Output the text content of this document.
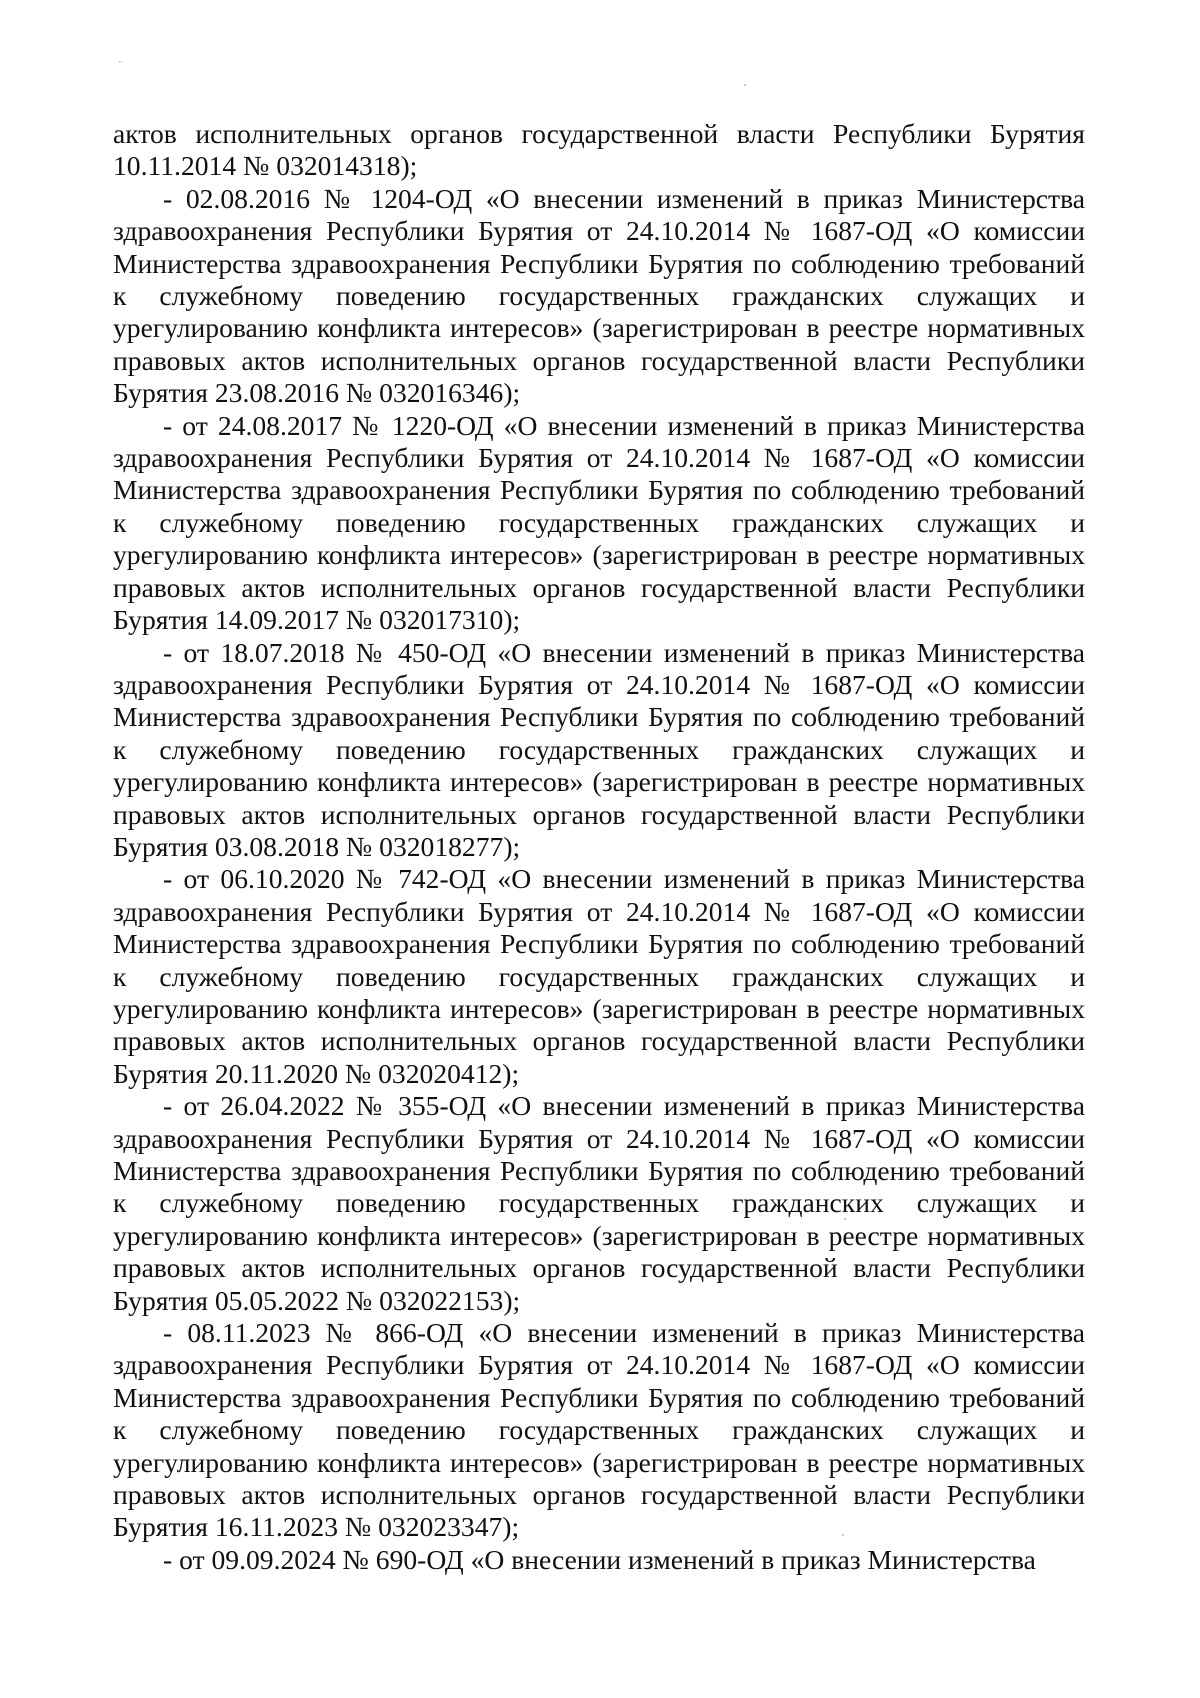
¨

актов исполнительных органов государственной власти Республики Бурятия 10.11.2014 № 032014318);

- 02.08.2016 № 1204-ОД «О внесении изменений в приказ Министерства здравоохранения Республики Бурятия от 24.10.2014 № 1687-ОД «О комиссии Министерства здравоохранения Республики Бурятия по соблюдению требований к служебному поведению государственных гражданских служащих и урегулированию конфликта интересов» (зарегистрирован в реестре нормативных правовых актов исполнительных органов государственной власти Республики Бурятия 23.08.2016 № 032016346);

- от 24.08.2017 № 1220-ОД «О внесении изменений в приказ Министерства здравоохранения Республики Бурятия от 24.10.2014 № 1687-ОД «О комиссии Министерства здравоохранения Республики Бурятия по соблюдению требований к служебному поведению государственных гражданских служащих и урегулированию конфликта интересов» (зарегистрирован в реестре нормативных правовых актов исполнительных органов государственной власти Республики Бурятия 14.09.2017 № 032017310);

- от 18.07.2018 № 450-ОД «О внесении изменений в приказ Министерства здравоохранения Республики Бурятия от 24.10.2014 № 1687-ОД «О комиссии Министерства здравоохранения Республики Бурятия по соблюдению требований к служебному поведению государственных гражданских служащих и урегулированию конфликта интересов» (зарегистрирован в реестре нормативных правовых актов исполнительных органов государственной власти Республики Бурятия 03.08.2018 № 032018277);

- от 06.10.2020 № 742-ОД «О внесении изменений в приказ Министерства здравоохранения Республики Бурятия от 24.10.2014 № 1687-ОД «О комиссии Министерства здравоохранения Республики Бурятия по соблюдению требований к служебному поведению государственных гражданских служащих и урегулированию конфликта интересов» (зарегистрирован в реестре нормативных правовых актов исполнительных органов государственной власти Республики Бурятия 20.11.2020 № 032020412);

- от 26.04.2022 № 355-ОД «О внесении изменений в приказ Министерства здравоохранения Республики Бурятия от 24.10.2014 № 1687-ОД «О комиссии Министерства здравоохранения Республики Бурятия по соблюдению требований к служебному поведению государственных гражданских служащих и урегулированию конфликта интересов» (зарегистрирован в реестре нормативных правовых актов исполнительных органов государственной власти Республики Бурятия 05.05.2022 № 032022153);

- 08.11.2023 № 866-ОД «О внесении изменений в приказ Министерства здравоохранения Республики Бурятия от 24.10.2014 № 1687-ОД «О комиссии Министерства здравоохранения Республики Бурятия по соблюдению требований к служебному поведению государственных гражданских служащих и урегулированию конфликта интересов» (зарегистрирован в реестре нормативных правовых актов исполнительных органов государственной власти Республики Бурятия 16.11.2023 № 032023347);

- от 09.09.2024 № 690-ОД «О внесении изменений в приказ Министерства
